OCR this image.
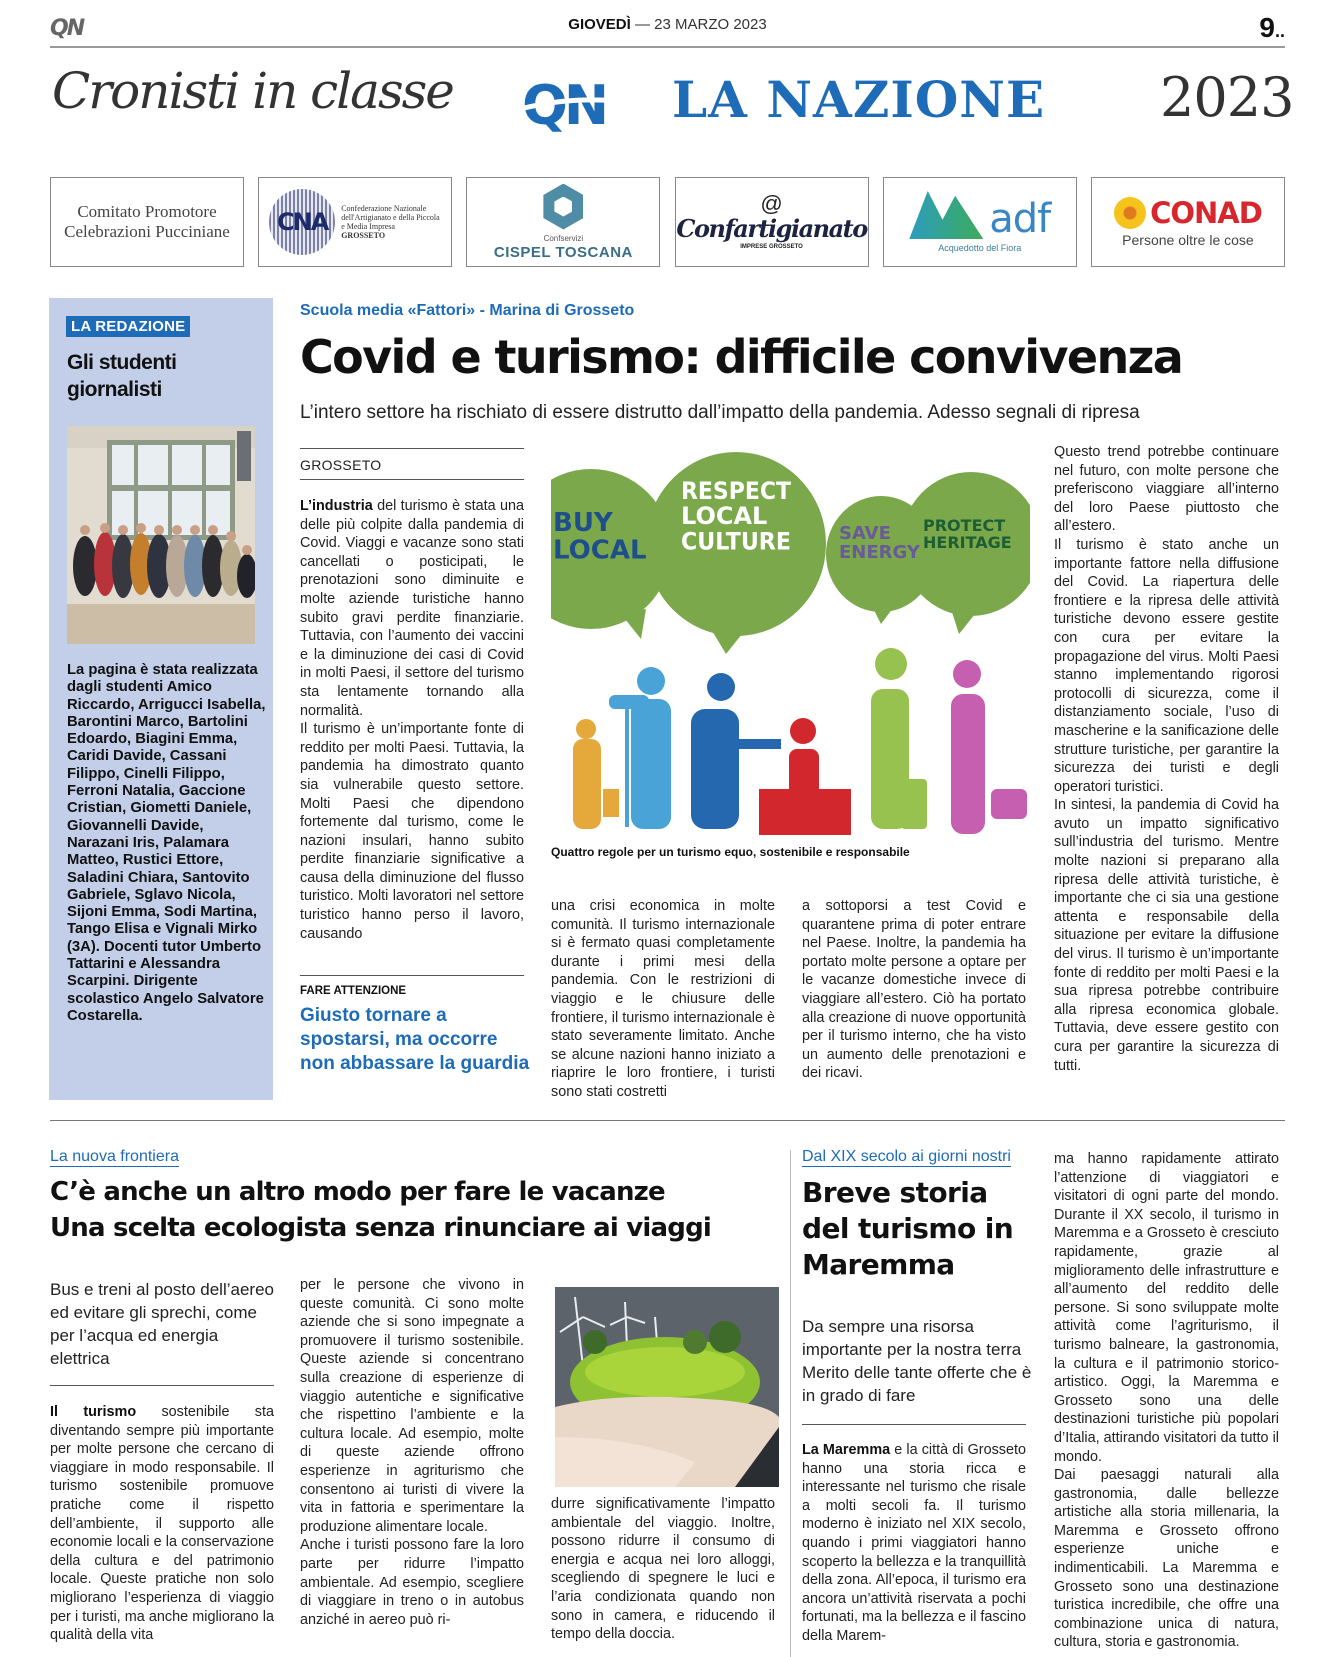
QN	GIOVEDÌ — 23 MARZO 2023	9..
Cronisti in classe QN LA NAZIONE 2023
Comitato Promotore
Celebrazioni Pucciniane	CNA	Confederazione Nazionale dell'Artigianato e della Piccola e Media Impresa
GROSSETO	Confservizi
CISPEL TOSCANA
@
Confartigianato
IMPRESE GROSSETO
adf
Acquedotto del Fiora
CONAD
Persone oltre le cose
LA REDAZIONE
Gli studenti giornalisti
La pagina è stata realizzata dagli studenti Amico Riccardo, Arrigucci Isabella, Barontini Marco, Bartolini Edoardo, Biagini Emma, Caridi Davide, Cassani Filippo, Cinelli Filippo, Ferroni Natalia, Gaccione Cristian, Giometti Daniele, Giovannelli Davide, Narazani Iris, Palamara Matteo, Rustici Ettore, Saladini Chiara, Santovito Gabriele, Sglavo Nicola, Sijoni Emma, Sodi Martina, Tango Elisa e Vignali Mirko (3A). Docenti tutor Umberto Tattarini e Alessandra Scarpini. Dirigente scolastico Angelo Salvatore Costarella.
Scuola media «Fattori» - Marina di Grosseto
Covid e turismo: difficile convivenza
L’intero settore ha rischiato di essere distrutto dall’impatto della pandemia. Adesso segnali di ripresa
GROSSETO
L’industria del turismo è stata una delle più colpite dalla pandemia di Covid. Viaggi e vacanze sono stati cancellati o posticipati, le prenotazioni sono diminuite e molte aziende turistiche hanno subito gravi perdite finanziarie. Tuttavia, con l’aumento dei vaccini e la diminuzione dei casi di Covid in molti Paesi, il settore del turismo sta lentamente tornando alla normalità.
Il turismo è un’importante fonte di reddito per molti Paesi. Tuttavia, la pandemia ha dimostrato quanto sia vulnerabile questo settore. Molti Paesi che dipendono fortemente dal turismo, come le nazioni insulari, hanno subito perdite finanziarie significative a causa della diminuzione del flusso turistico. Molti lavoratori nel settore turistico hanno perso il lavoro, causando
FARE ATTENZIONE
Giusto tornare a spostarsi, ma occorre non abbassare la guardia
BUY LOCAL
RESPECT LOCAL CULTURE	SAVE ENERGY
PROTECT HERITAGE
Quattro regole per un turismo equo, sostenibile e responsabile
una crisi economica in molte comunità. Il turismo internazionale si è fermato quasi completamente durante i primi mesi della pandemia. Con le restrizioni di viaggio e le chiusure delle frontiere, il turismo internazionale è stato severamente limitato. Anche se alcune nazioni hanno iniziato a riaprire le loro frontiere, i turisti sono stati costretti
a sottoporsi a test Covid e quarantene prima di poter entrare nel Paese. Inoltre, la pandemia ha portato molte persone a optare per le vacanze domestiche invece di viaggiare all’estero. Ciò ha portato alla creazione di nuove opportunità per il turismo interno, che ha visto un aumento delle prenotazioni e dei ricavi.
Questo trend potrebbe continuare nel futuro, con molte persone che preferiscono viaggiare all’interno del loro Paese piuttosto che all’estero.
Il turismo è stato anche un importante fattore nella diffusione del Covid. La riapertura delle frontiere e la ripresa delle attività turistiche devono essere gestite con cura per evitare la propagazione del virus. Molti Paesi stanno implementando rigorosi protocolli di sicurezza, come il distanziamento sociale, l’uso di mascherine e la sanificazione delle strutture turistiche, per garantire la sicurezza dei turisti e degli operatori turistici.
In sintesi, la pandemia di Covid ha avuto un impatto significativo sull’industria del turismo. Mentre molte nazioni si preparano alla ripresa delle attività turistiche, è importante che ci sia una gestione attenta e responsabile della situazione per evitare la diffusione del virus. Il turismo è un’importante fonte di reddito per molti Paesi e la sua ripresa potrebbe contribuire alla ripresa economica globale. Tuttavia, deve essere gestito con cura per garantire la sicurezza di tutti.
La nuova frontiera
C’è anche un altro modo per fare le vacanze
Una scelta ecologista senza rinunciare ai viaggi
Bus e treni al posto dell’aereo ed evitare gli sprechi, come per l’acqua ed energia elettrica
Il turismo sostenibile sta diventando sempre più importante per molte persone che cercano di viaggiare in modo responsabile. Il turismo sostenibile promuove pratiche come il rispetto dell’ambiente, il supporto alle economie locali e la conservazione della cultura e del patrimonio locale. Queste pratiche non solo migliorano l’esperienza di viaggio per i turisti, ma anche migliorano la qualità della vita
per le persone che vivono in queste comunità. Ci sono molte aziende che si sono impegnate a promuovere il turismo sostenibile. Queste aziende si concentrano sulla creazione di esperienze di viaggio autentiche e significative che rispettino l’ambiente e la cultura locale. Ad esempio, molte di queste aziende offrono esperienze in agriturismo che consentono ai turisti di vivere la vita in fattoria e sperimentare la produzione alimentare locale.
Anche i turisti possono fare la loro parte per ridurre l’impatto ambientale. Ad esempio, scegliere di viaggiare in treno o in autobus anziché in aereo può ri-
durre significativamente l’impatto ambientale del viaggio. Inoltre, possono ridurre il consumo di energia e acqua nei loro alloggi, scegliendo di spegnere le luci e l’aria condizionata quando non sono in camera, e riducendo il tempo della doccia.
Dal XIX secolo ai giorni nostri
Breve storia del turismo in Maremma
Da sempre una risorsa importante per la nostra terra Merito delle tante offerte che è in grado di fare
La Maremma e la città di Grosseto hanno una storia ricca e interessante nel turismo che risale a molti secoli fa. Il turismo moderno è iniziato nel XIX secolo, quando i primi viaggiatori hanno scoperto la bellezza e la tranquillità della zona. All’epoca, il turismo era ancora un’attività riservata a pochi fortunati, ma la bellezza e il fascino della Marem-
ma hanno rapidamente attirato l’attenzione di viaggiatori e visitatori di ogni parte del mondo. Durante il XX secolo, il turismo in Maremma e a Grosseto è cresciuto rapidamente, grazie al miglioramento delle infrastrutture e all’aumento del reddito delle persone. Si sono sviluppate molte attività come l’agriturismo, il turismo balneare, la gastronomia, la cultura e il patrimonio storico-artistico. Oggi, la Maremma e Grosseto sono una delle destinazioni turistiche più popolari d’Italia, attirando visitatori da tutto il mondo.
Dai paesaggi naturali alla gastronomia, dalle bellezze artistiche alla storia millenaria, la Maremma e Grosseto offrono esperienze uniche e indimenticabili. La Maremma e Grosseto sono una destinazione turistica incredibile, che offre una combinazione unica di natura, cultura, storia e gastronomia.
